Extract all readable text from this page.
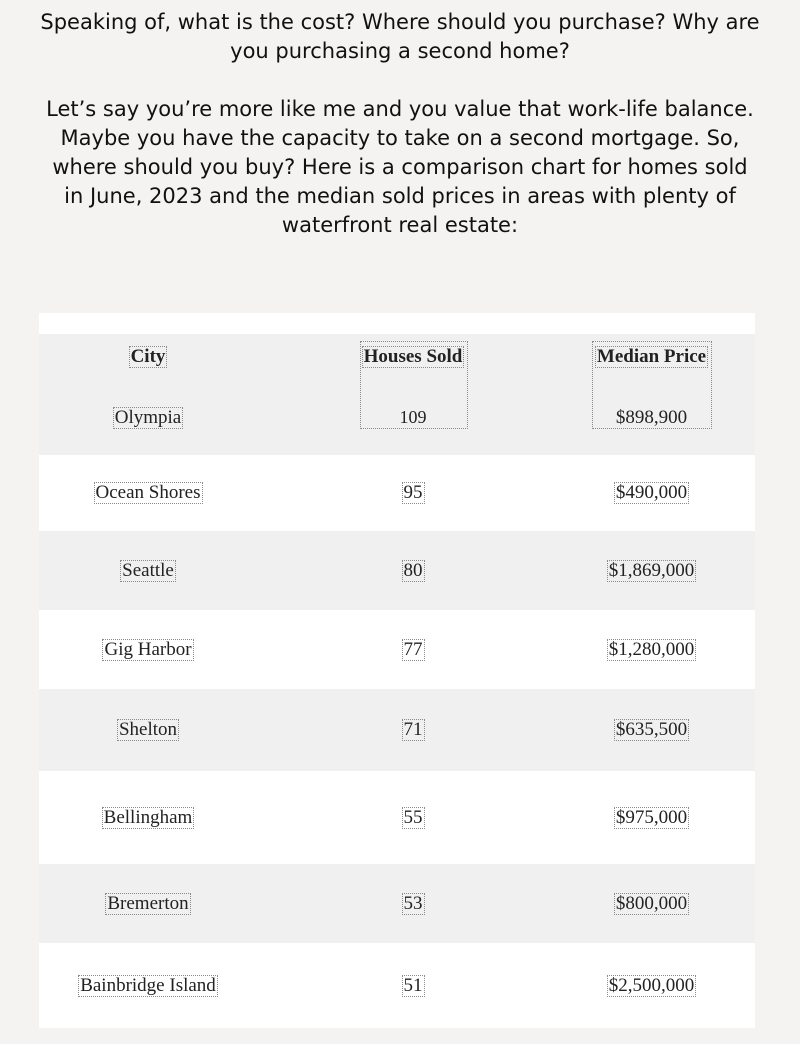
Speaking of, what is the cost? Where should you purchase? Why are you purchasing a second home?

Let’s say you’re more like me and you value that work-life balance. Maybe you have the capacity to take on a second mortgage. So, where should you buy? Here is a comparison chart for homes sold in June, 2023 and the median sold prices in areas with plenty of waterfront real estate:

City	Houses Sold	Median Price
Olympia	109	$898,900
Ocean Shores	95	$490,000
Seattle	80	$1,869,000
Gig Harbor	77	$1,280,000
Shelton	71	$635,500
Bellingham	55	$975,000
Bremerton	53	$800,000
Bainbridge Island	51	$2,500,000
